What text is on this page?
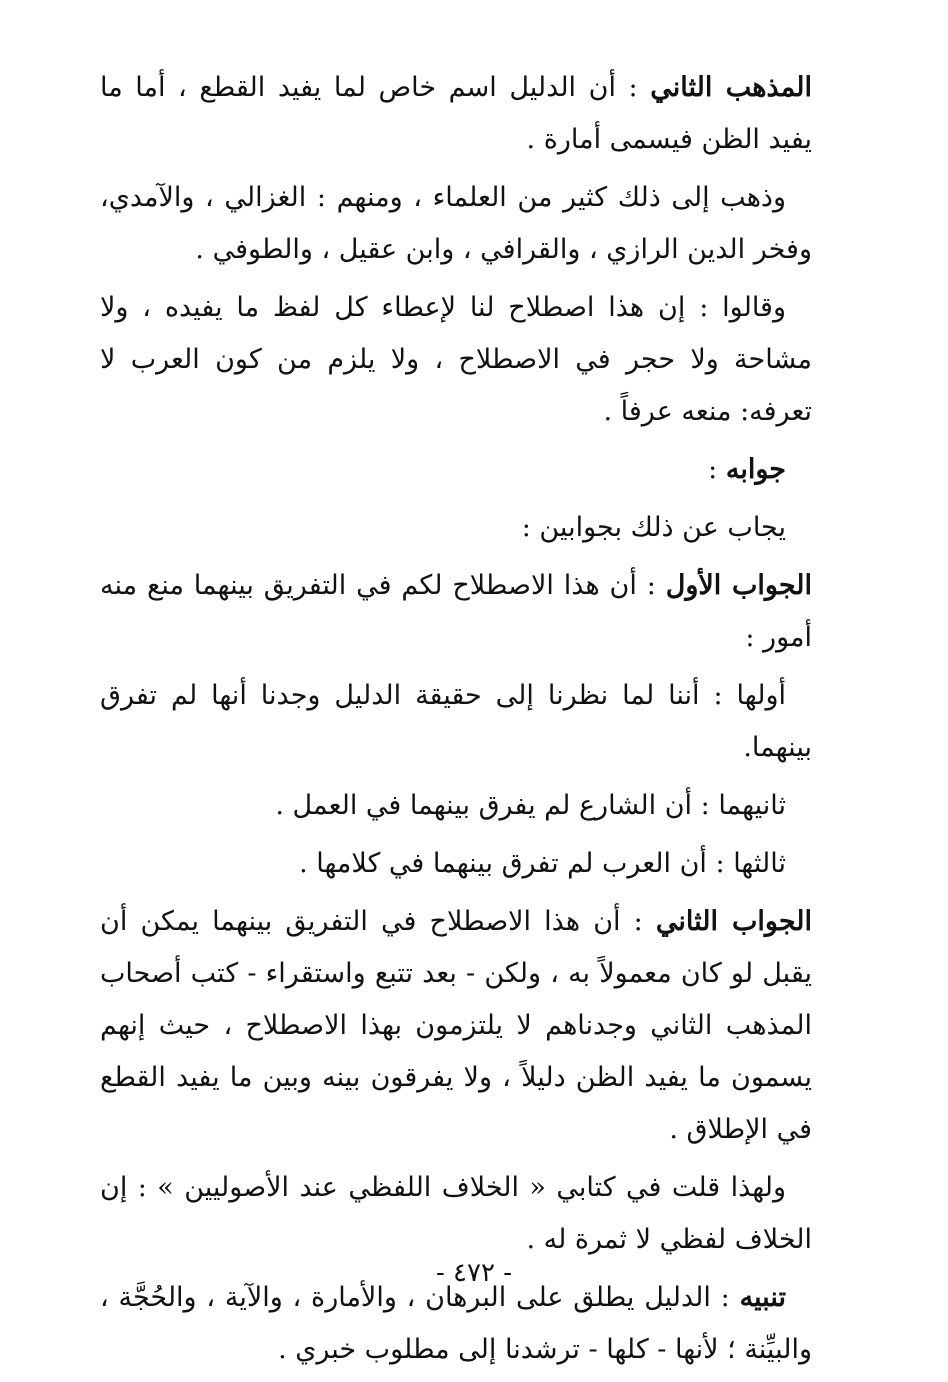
المذهب الثاني : أن الدليل اسم خاص لما يفيد القطع ، أما ما يفيد الظن فيسمى أمارة .

وذهب إلى ذلك كثير من العلماء ، ومنهم : الغزالي ، والآمدي، وفخر الدين الرازي ، والقرافي ، وابن عقيل ، والطوفي .

وقالوا : إن هذا اصطلاح لنا لإعطاء كل لفظ ما يفيده ، ولا مشاحة ولا حجر في الاصطلاح ، ولا يلزم من كون العرب لا تعرفه: منعه عرفاً .

جوابه :

يجاب عن ذلك بجوابين :

الجواب الأول : أن هذا الاصطلاح لكم في التفريق بينهما منع منه أمور :

أولها : أننا لما نظرنا إلى حقيقة الدليل وجدنا أنها لم تفرق بينهما.

ثانيهما : أن الشارع لم يفرق بينهما في العمل .

ثالثها : أن العرب لم تفرق بينهما في كلامها .

الجواب الثاني : أن هذا الاصطلاح في التفريق بينهما يمكن أن يقبل لو كان معمولاً به ، ولكن - بعد تتبع واستقراء - كتب أصحاب المذهب الثاني وجدناهم لا يلتزمون بهذا الاصطلاح ، حيث إنهم يسمون ما يفيد الظن دليلاً ، ولا يفرقون بينه وبين ما يفيد القطع في الإطلاق .

ولهذا قلت في كتابي « الخلاف اللفظي عند الأصوليين » : إن الخلاف لفظي لا ثمرة له .

تنبيه : الدليل يطلق على البرهان ، والأمارة ، والآية ، والحُجَّة ، والبيِّنة ؛ لأنها - كلها - ترشدنا إلى مطلوب خبري .

- ٤٧٢ -
